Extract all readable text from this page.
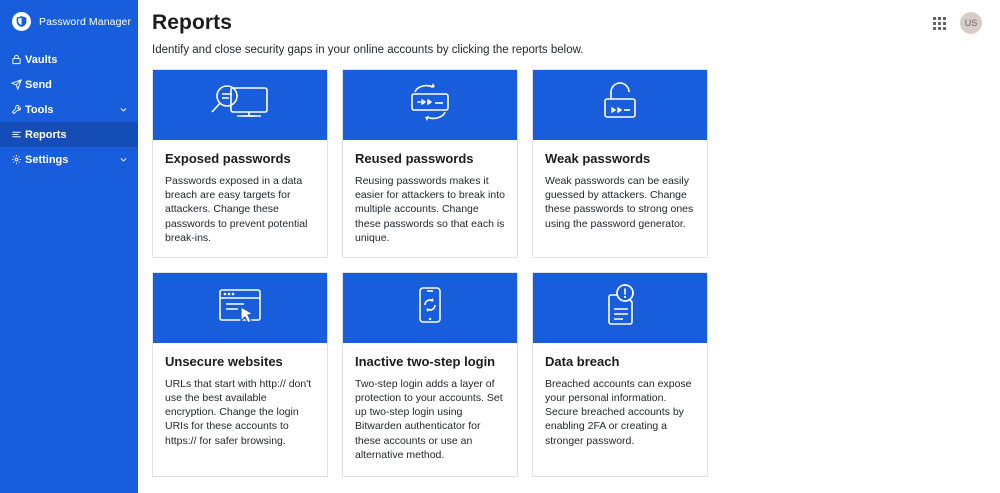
Password Manager
Vaults
Send
Tools
Reports
Settings
Reports	US

Identify and close security gaps in your online accounts by clicking the reports below.

Exposed passwords
Passwords exposed in a data breach are easy targets for attackers. Change these passwords to prevent potential break-ins.
Reused passwords
Reusing passwords makes it easier for attackers to break into multiple accounts. Change these passwords so that each is unique.
Weak passwords
Weak passwords can be easily guessed by attackers. Change these passwords to strong ones using the password generator.
Unsecure websites
URLs that start with http:// don't use the best available encryption. Change the login URIs for these accounts to https:// for safer browsing.
Inactive two-step login
Two-step login adds a layer of protection to your accounts. Set up two-step login using Bitwarden authenticator for these accounts or use an alternative method.
Data breach
Breached accounts can expose your personal information. Secure breached accounts by enabling 2FA or creating a stronger password.
